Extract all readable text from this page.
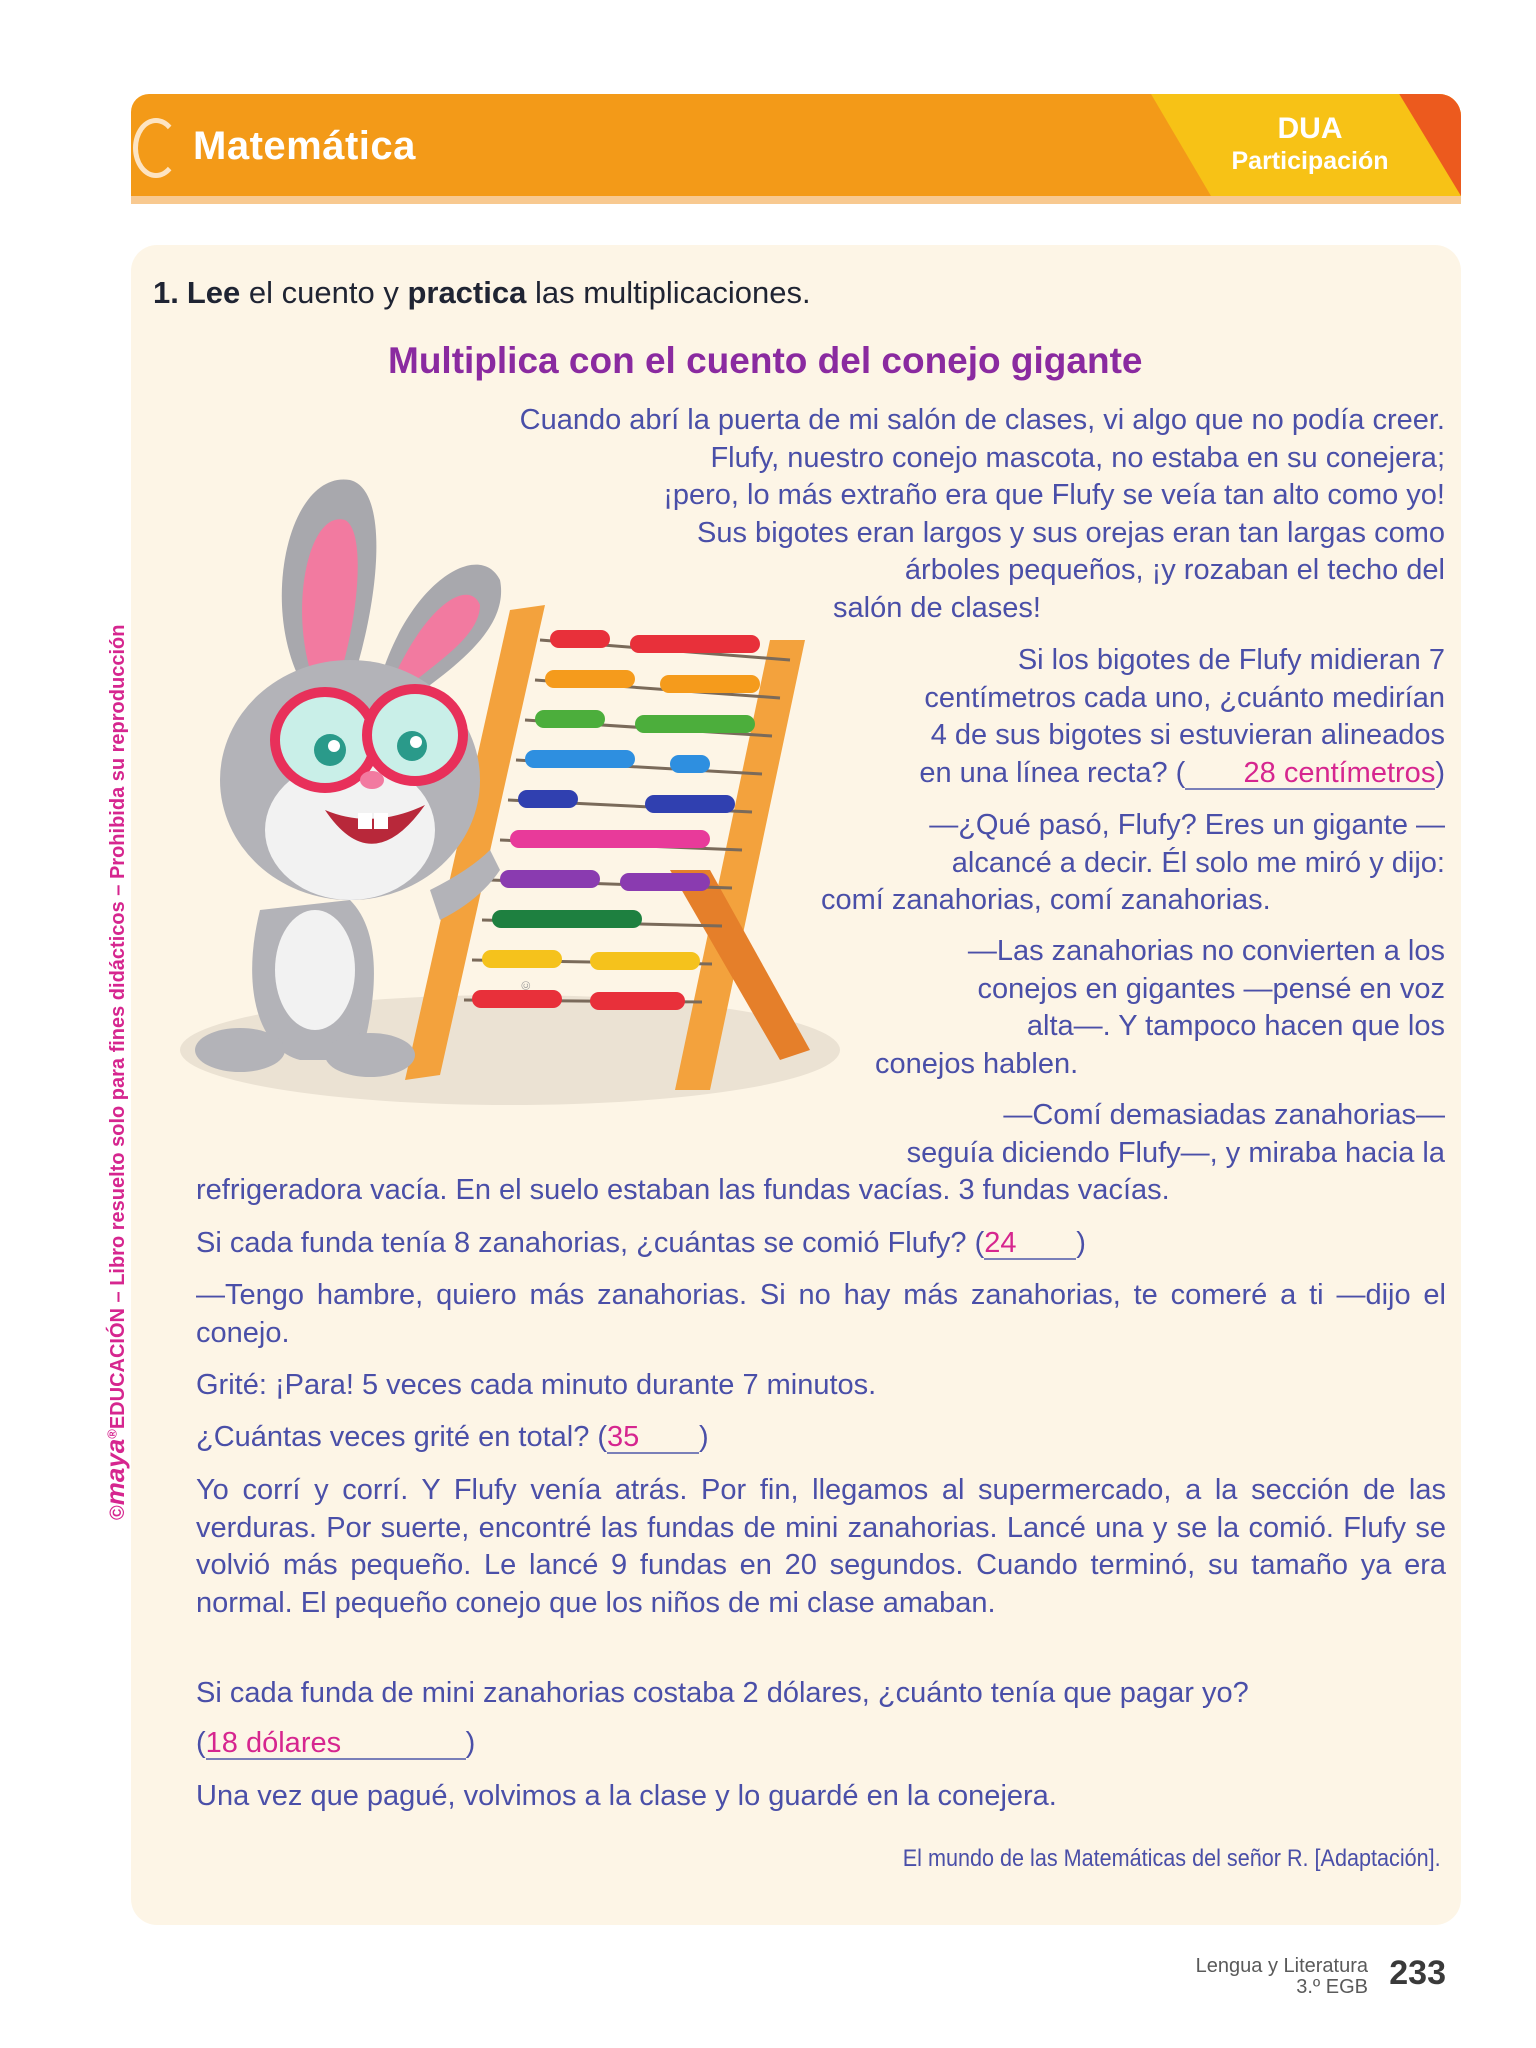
Matemática	DUA
Participación
©maya®EDUCACIÓN – Libro resuelto solo para fines didácticos – Prohibida su reproducción
1. Lee el cuento y practica las multiplicaciones.
Multiplica con el cuento del conejo gigante
©
Cuando abrí la puerta de mi salón de clases, vi algo que no podía creer.
Flufy, nuestro conejo mascota, no estaba en su conejera;
¡pero, lo más extraño era que Flufy se veía tan alto como yo!
Sus bigotes eran largos y sus orejas eran tan largas como
árboles pequeños, ¡y rozaban el techo del
salón de clases!
Si los bigotes de Flufy midieran 7
centímetros cada uno, ¿cuánto medirían
4 de sus bigotes si estuvieran alineados
en una línea recta? ( 28 centímetros)
—¿Qué pasó, Flufy? Eres un gigante —
alcancé a decir. Él solo me miró y dijo:
comí zanahorias, comí zanahorias.
—Las zanahorias no convierten a los
conejos en gigantes —pensé en voz
alta—. Y tampoco hacen que los
conejos hablen.
—Comí demasiadas zanahorias—
seguía diciendo Flufy—, y miraba hacia la
refrigeradora vacía. En el suelo estaban las fundas vacías. 3 fundas vacías.
Si cada funda tenía 8 zanahorias, ¿cuántas se comió Flufy? (24 )
—Tengo hambre, quiero más zanahorias. Si no hay más zanahorias, te comeré a ti —dijo el conejo.
Grité: ¡Para! 5 veces cada minuto durante 7 minutos.
¿Cuántas veces grité en total? (35 )
Yo corrí y corrí. Y Flufy venía atrás. Por fin, llegamos al supermercado, a la sección de las verduras. Por suerte, encontré las fundas de mini zanahorias. Lancé una y se la comió. Flufy se volvió más pequeño. Le lancé 9 fundas en 20 segundos. Cuando terminó, su tamaño ya era normal. El pequeño conejo que los niños de mi clase amaban.
Si cada funda de mini zanahorias costaba 2 dólares, ¿cuánto tenía que pagar yo?
(18 dólares	)
Una vez que pagué, volvimos a la clase y lo guardé en la conejera.
El mundo de las Matemáticas del señor R. [Adaptación].
Lengua y Literatura
3.º EGB 233
